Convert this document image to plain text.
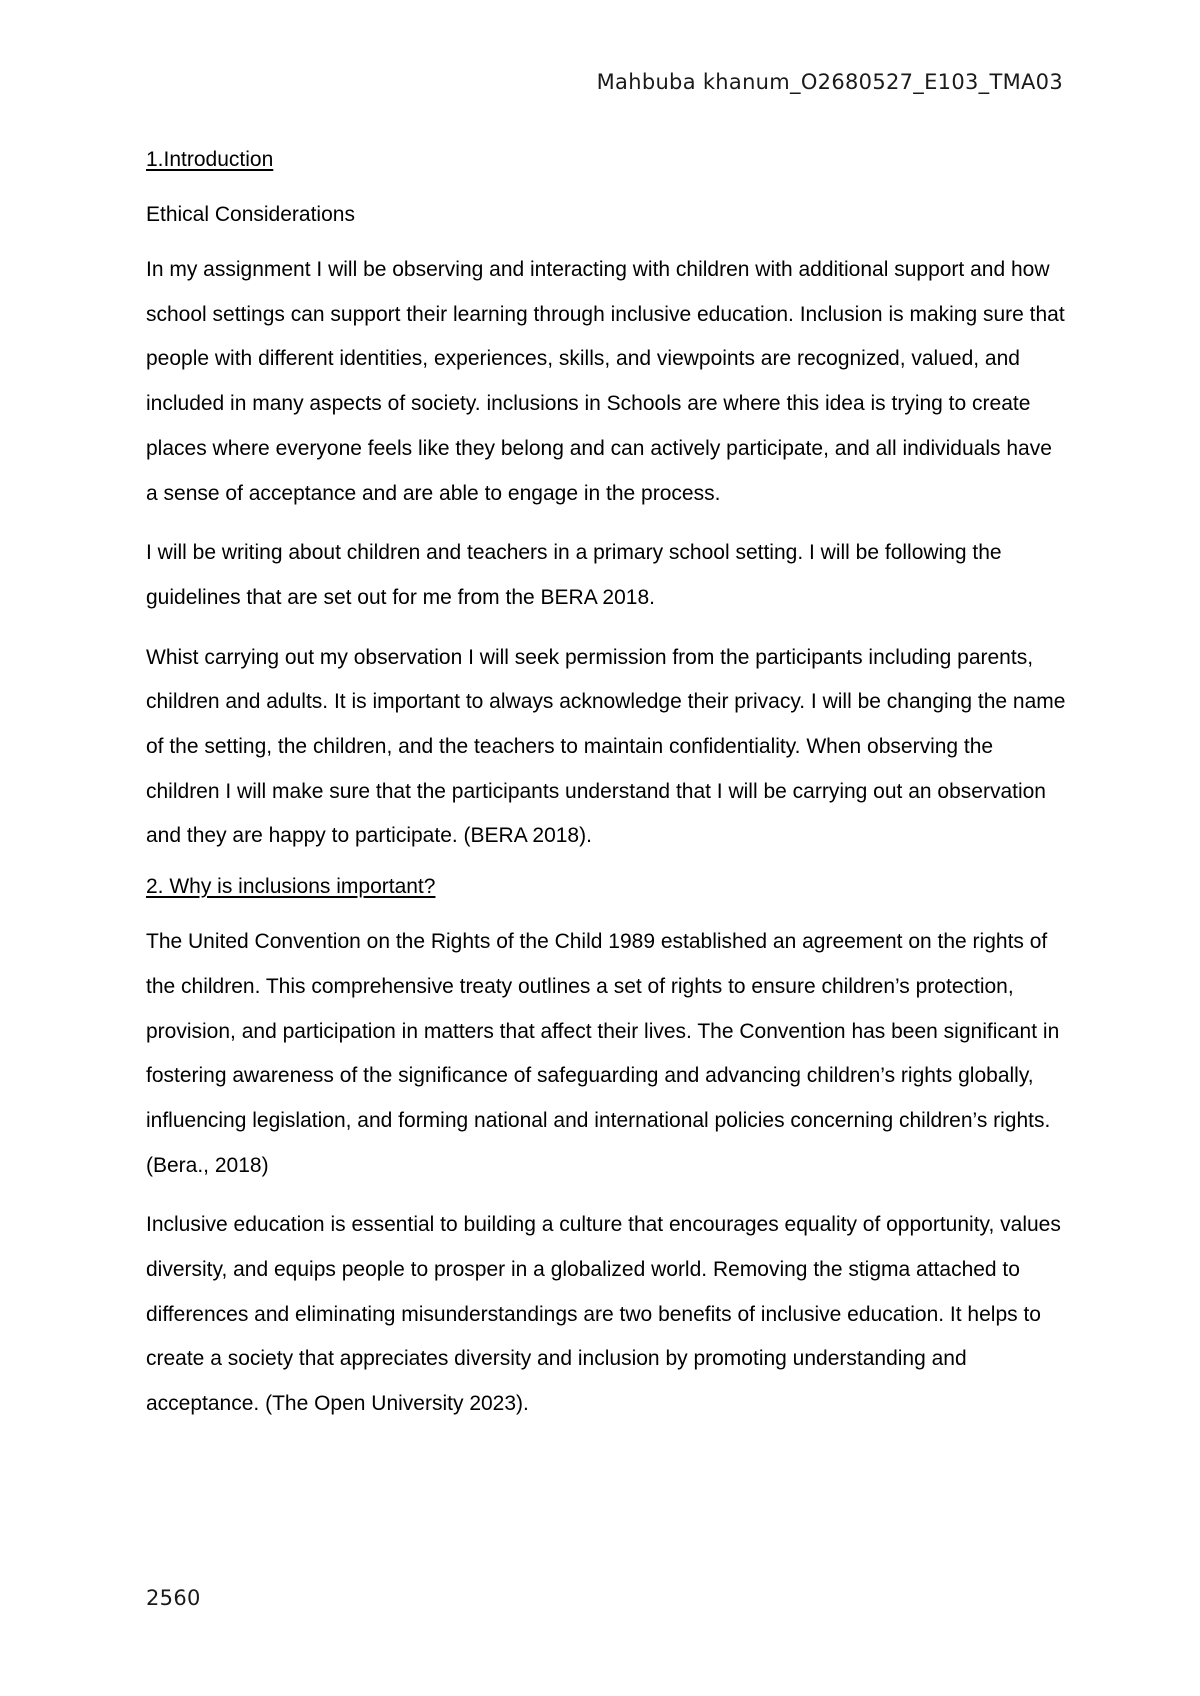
Mahbuba khanum_O2680527_E103_TMA03
1.Introduction
Ethical Considerations

In my assignment I will be observing and interacting with children with additional support and how school settings can support their learning through inclusive education. Inclusion is making sure that people with different identities, experiences, skills, and viewpoints are recognized, valued, and included in many aspects of society. inclusions in Schools are where this idea is trying to create places where everyone feels like they belong and can actively participate, and all individuals have a sense of acceptance and are able to engage in the process.

I will be writing about children and teachers in a primary school setting. I will be following the guidelines that are set out for me from the BERA 2018.

Whist carrying out my observation I will seek permission from the participants including parents, children and adults. It is important to always acknowledge their privacy. I will be changing the name of the setting, the children, and the teachers to maintain confidentiality. When observing the children I will make sure that the participants understand that I will be carrying out an observation and they are happy to participate. (BERA 2018).

2. Why is inclusions important?

The United Convention on the Rights of the Child 1989 established an agreement on the rights of the children. This comprehensive treaty outlines a set of rights to ensure children’s protection, provision, and participation in matters that affect their lives. The Convention has been significant in fostering awareness of the significance of safeguarding and advancing children’s rights globally, influencing legislation, and forming national and international policies concerning children’s rights. (Bera., 2018)

Inclusive education is essential to building a culture that encourages equality of opportunity, values diversity, and equips people to prosper in a globalized world. Removing the stigma attached to differences and eliminating misunderstandings are two benefits of inclusive education. It helps to create a society that appreciates diversity and inclusion by promoting understanding and acceptance. (The Open University 2023).

2560
